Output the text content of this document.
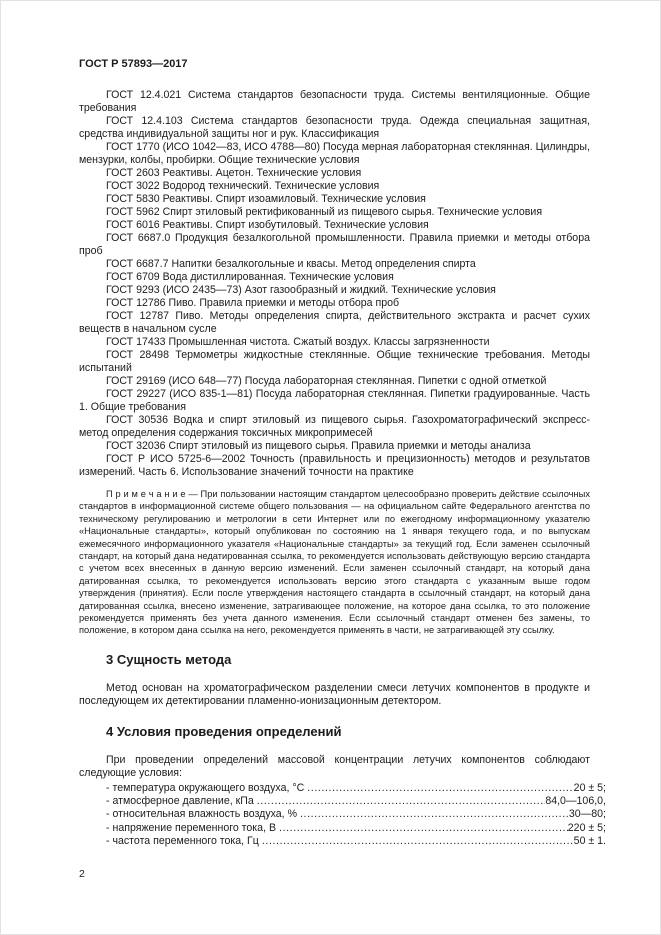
ГОСТ Р 57893—2017

ГОСТ 12.4.021 Система стандартов безопасности труда. Системы вентиляционные. Общие требования

ГОСТ 12.4.103 Система стандартов безопасности труда. Одежда специальная защитная, средства индивидуальной защиты ног и рук. Классификация

ГОСТ 1770 (ИСО 1042—83, ИСО 4788—80) Посуда мерная лабораторная стеклянная. Цилиндры, мензурки, колбы, пробирки. Общие технические условия

ГОСТ 2603 Реактивы. Ацетон. Технические условия

ГОСТ 3022 Водород технический. Технические условия

ГОСТ 5830 Реактивы. Спирт изоамиловый. Технические условия

ГОСТ 5962 Спирт этиловый ректификованный из пищевого сырья. Технические условия

ГОСТ 6016 Реактивы. Спирт изобутиловый. Технические условия

ГОСТ 6687.0 Продукция безалкогольной промышленности. Правила приемки и методы отбора проб

ГОСТ 6687.7 Напитки безалкогольные и квасы. Метод определения спирта

ГОСТ 6709 Вода дистиллированная. Технические условия

ГОСТ 9293 (ИСО 2435—73) Азот газообразный и жидкий. Технические условия

ГОСТ 12786 Пиво. Правила приемки и методы отбора проб

ГОСТ 12787 Пиво. Методы определения спирта, действительного экстракта и расчет сухих веществ в начальном сусле

ГОСТ 17433 Промышленная чистота. Сжатый воздух. Классы загрязненности

ГОСТ 28498 Термометры жидкостные стеклянные. Общие технические требования. Методы испытаний

ГОСТ 29169 (ИСО 648—77) Посуда лабораторная стеклянная. Пипетки с одной отметкой

ГОСТ 29227 (ИСО 835-1—81) Посуда лабораторная стеклянная. Пипетки градуированные. Часть 1. Общие требования

ГОСТ 30536 Водка и спирт этиловый из пищевого сырья. Газохроматографический экспресс-метод определения содержания токсичных микропримесей

ГОСТ 32036 Спирт этиловый из пищевого сырья. Правила приемки и методы анализа

ГОСТ Р ИСО 5725-6—2002 Точность (правильность и прецизионность) методов и результатов измерений. Часть 6. Использование значений точности на практике

П р и м е ч а н и е — При пользовании настоящим стандартом целесообразно проверить действие ссылочных стандартов в информационной системе общего пользования — на официальном сайте Федерального агентства по техническому регулированию и метрологии в сети Интернет или по ежегодному информационному указателю «Национальные стандарты», который опубликован по состоянию на 1 января текущего года, и по выпускам ежемесячного информационного указателя «Национальные стандарты» за текущий год. Если заменен ссылочный стандарт, на который дана недатированная ссылка, то рекомендуется использовать действующую версию стандарта с учетом всех внесенных в данную версию изменений. Если заменен ссылочный стандарт, на который дана датированная ссылка, то рекомендуется использовать версию этого стандарта с указанным выше годом утверждения (принятия). Если после утверждения настоящего стандарта в ссылочный стандарт, на который дана датированная ссылка, внесено изменение, затрагивающее положение, на которое дана ссылка, то это положение рекомендуется применять без учета данного изменения. Если ссылочный стандарт отменен без замены, то положение, в котором дана ссылка на него, рекомендуется применять в части, не затрагивающей эту ссылку.

3 Сущность метода

Метод основан на хроматографическом разделении смеси летучих компонентов в продукте и последующем их детектировании пламенно-ионизационным детектором.

4 Условия проведения определений

При проведении определений массовой концентрации летучих компонентов соблюдают следующие условия:

- температура окружающего воздуха, °С .....	20 ± 5;
- атмосферное давление, кПа .....	84,0—106,0,
- относительная влажность воздуха, % .....	30—80;
- напряжение переменного тока, В .....	220 ± 5;
- частота переменного тока, Гц .....	50 ± 1.
2
